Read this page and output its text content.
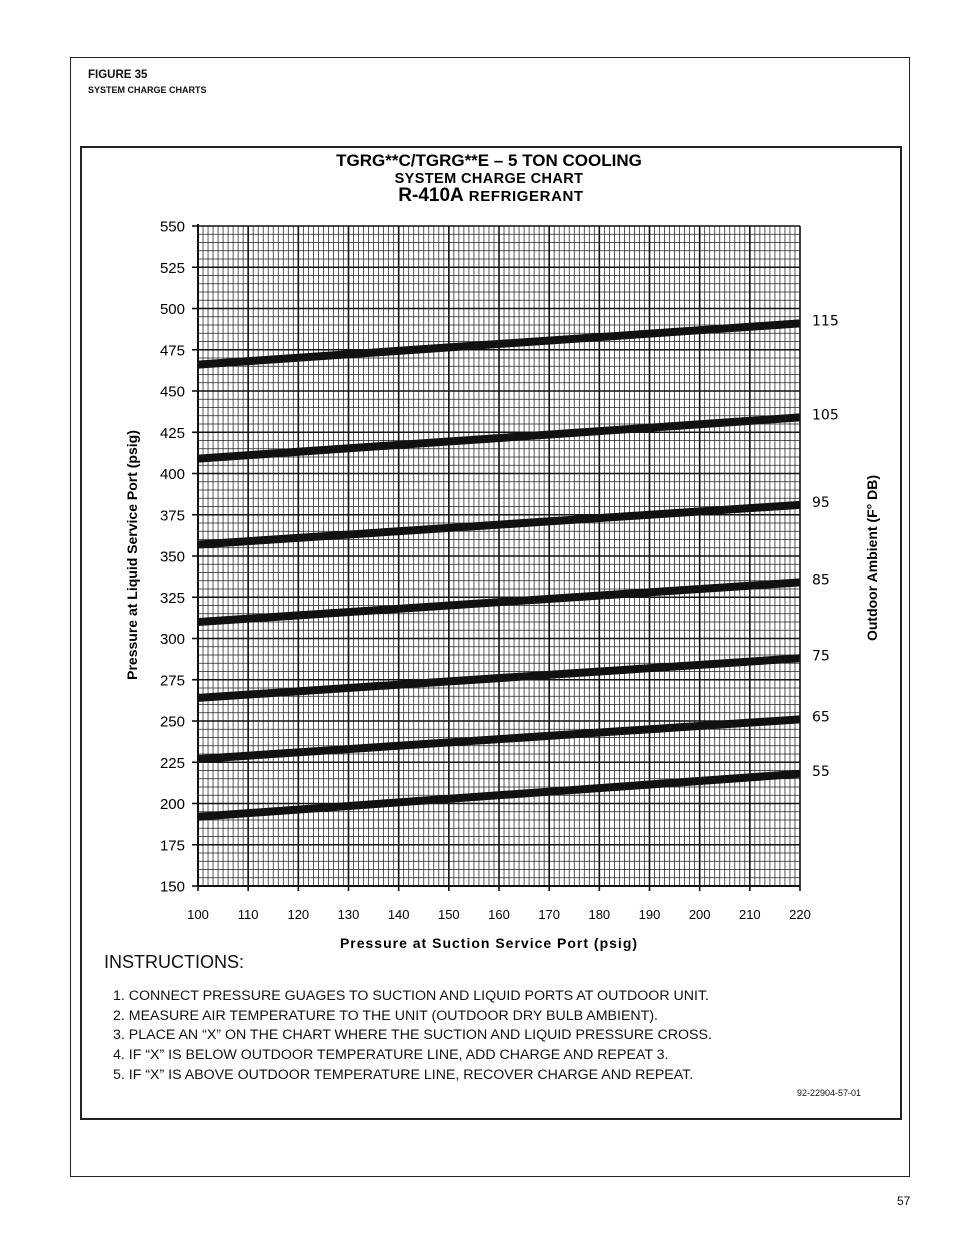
FIGURE 35
SYSTEM CHARGE CHARTS
TGRG**C/TGRG**E – 5 TON COOLING
SYSTEM CHARGE CHART
R-410A REFRIGERANT
150
175
200
225
250
275
300
325
350
375
400
425
450
475
500
525
550
100 110 120 130 140 150 160 170 180 190 200 210 220
115
105
95
85
75
65
55
Pressure at Suction Service Port (psig)
Pressure at Liquid Service Port (psig)	Outdoor Ambient (F° DB)
INSTRUCTIONS:
1. CONNECT PRESSURE GUAGES TO SUCTION AND LIQUID PORTS AT OUTDOOR UNIT.
2. MEASURE AIR TEMPERATURE TO THE UNIT (OUTDOOR DRY BULB AMBIENT).
3. PLACE AN “X” ON THE CHART WHERE THE SUCTION AND LIQUID PRESSURE CROSS.
4. IF “X” IS BELOW OUTDOOR TEMPERATURE LINE, ADD CHARGE AND REPEAT 3.
5. IF “X” IS ABOVE OUTDOOR TEMPERATURE LINE, RECOVER CHARGE AND REPEAT.
92-22904-57-01
57
